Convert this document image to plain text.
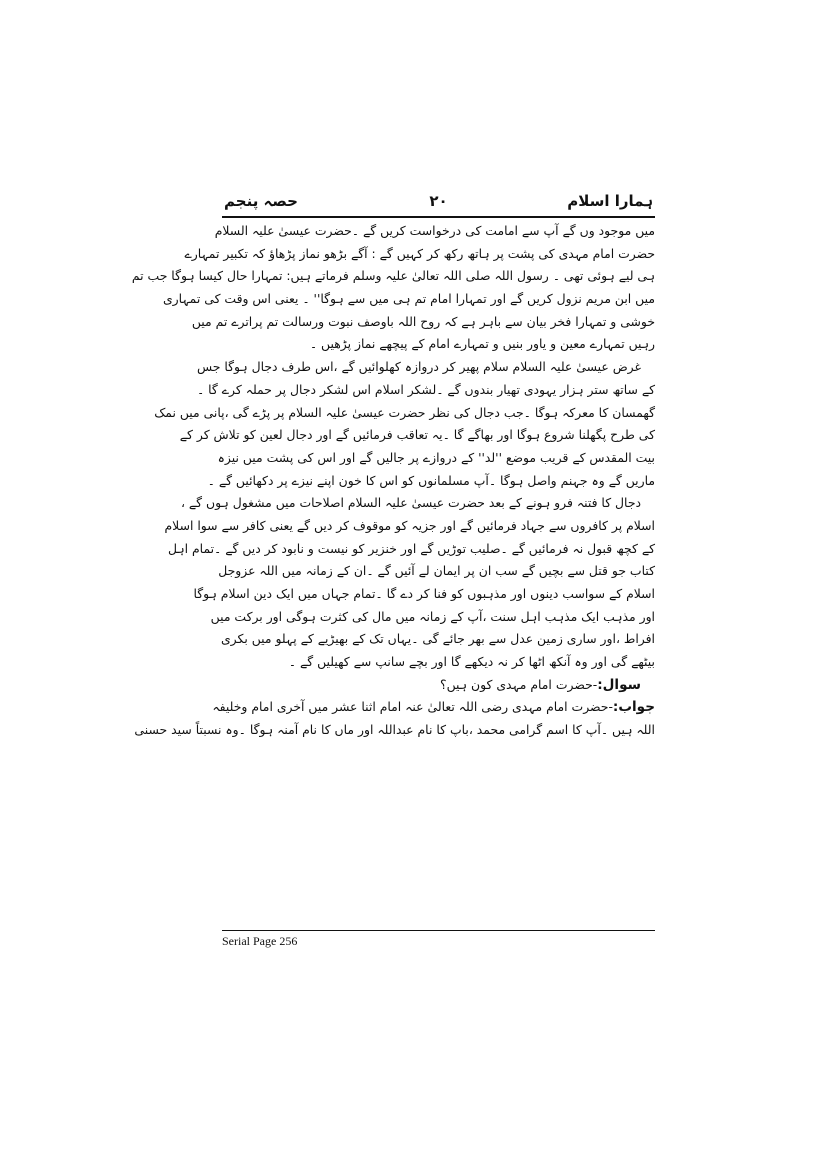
ہمارا اسلام
۲۰
حصہ پنجم
میں موجود وں گے آپ سے امامت کی درخواست کریں گے ۔حضرت عیسیٰ علیہ السلام
حضرت امام مہدی کی پشت پر ہاتھ رکھ کر کہیں گے : آگے بڑھو نماز پڑھاؤ کہ تکبیر تمہارے
ہی لیے ہوئی تھی ۔ رسول اللہ صلی اللہ تعالیٰ علیہ وسلم فرماتے ہیں: تمہارا حال کیسا ہوگا جب تم
میں ابن مریم نزول کریں گے اور تمہارا امام تم ہی میں سے ہوگا'' ۔ یعنی اس وقت کی تمہاری
خوشی و تمہارا فخر بیان سے باہر ہے کہ روح اللہ باوصف نبوت ورسالت تم پراترے تم میں
رہیں تمہارے معین و یاور بنیں و تمہارے امام کے پیچھے نماز پڑھیں ۔
غرض عیسیٰ علیہ السلام سلام پھیر کر دروازہ کھلوائیں گے ،اس طرف دجال ہوگا جس
کے ساتھ ستر ہزار یہودی تھیار بندوں گے ۔لشکر اسلام اس لشکر دجال پر حملہ کرے گا ۔
گھمسان کا معرکہ ہوگا ۔جب دجال کی نظر حضرت عیسیٰ علیہ السلام پر پڑے گی ،پانی میں نمک
کی طرح پگھلنا شروع ہوگا اور بھاگے گا ۔یہ تعاقب فرمائیں گے اور دجال لعین کو تلاش کر کے
بیت المقدس کے قریب موضع ''لد'' کے دروازے پر جالیں گے اور اس کی پشت میں نیزہ
ماریں گے وہ جہنم واصل ہوگا ۔آپ مسلمانوں کو اس کا خون اپنے نیزے پر دکھائیں گے ۔
دجال کا فتنہ فرو ہونے کے بعد حضرت عیسیٰ علیہ السلام اصلاحات میں مشغول ہوں گے ،
اسلام پر کافروں سے جہاد فرمائیں گے اور جزیہ کو موقوف کر دیں گے یعنی کافر سے سوا اسلام
کے کچھ قبول نہ فرمائیں گے ۔صلیب توڑیں گے اور خنزیر کو نیست و نابود کر دیں گے ۔تمام اہل
کتاب جو قتل سے بچیں گے سب ان پر ایمان لے آئیں گے ۔ان کے زمانہ میں اللہ عزوجل
اسلام کے سواسب دینوں اور مذہبوں کو فنا کر دے گا ۔تمام جہاں میں ایک دین اسلام ہوگا
اور مذہب ایک مذہب اہل سنت ،آپ کے زمانہ میں مال کی کثرت ہوگی اور برکت میں
افراط ،اور ساری زمین عدل سے بھر جائے گی ۔یہاں تک کے بھیڑیے کے پہلو میں بکری
بیٹھے گی اور وہ آنکھ اٹھا کر نہ دیکھے گا اور بچے سانپ سے کھیلیں گے ۔
سوال:-حضرت امام مہدی کون ہیں؟
جواب:-حضرت امام مہدی رضی اللہ تعالیٰ عنہ امام اثنا عشر میں آخری امام وخلیفہ
اللہ ہیں ۔آپ کا اسم گرامی محمد ،باپ کا نام عبداللہ اور ماں کا نام آمنہ ہوگا ۔وہ نسبتاً سید حسنی
Serial Page 256
